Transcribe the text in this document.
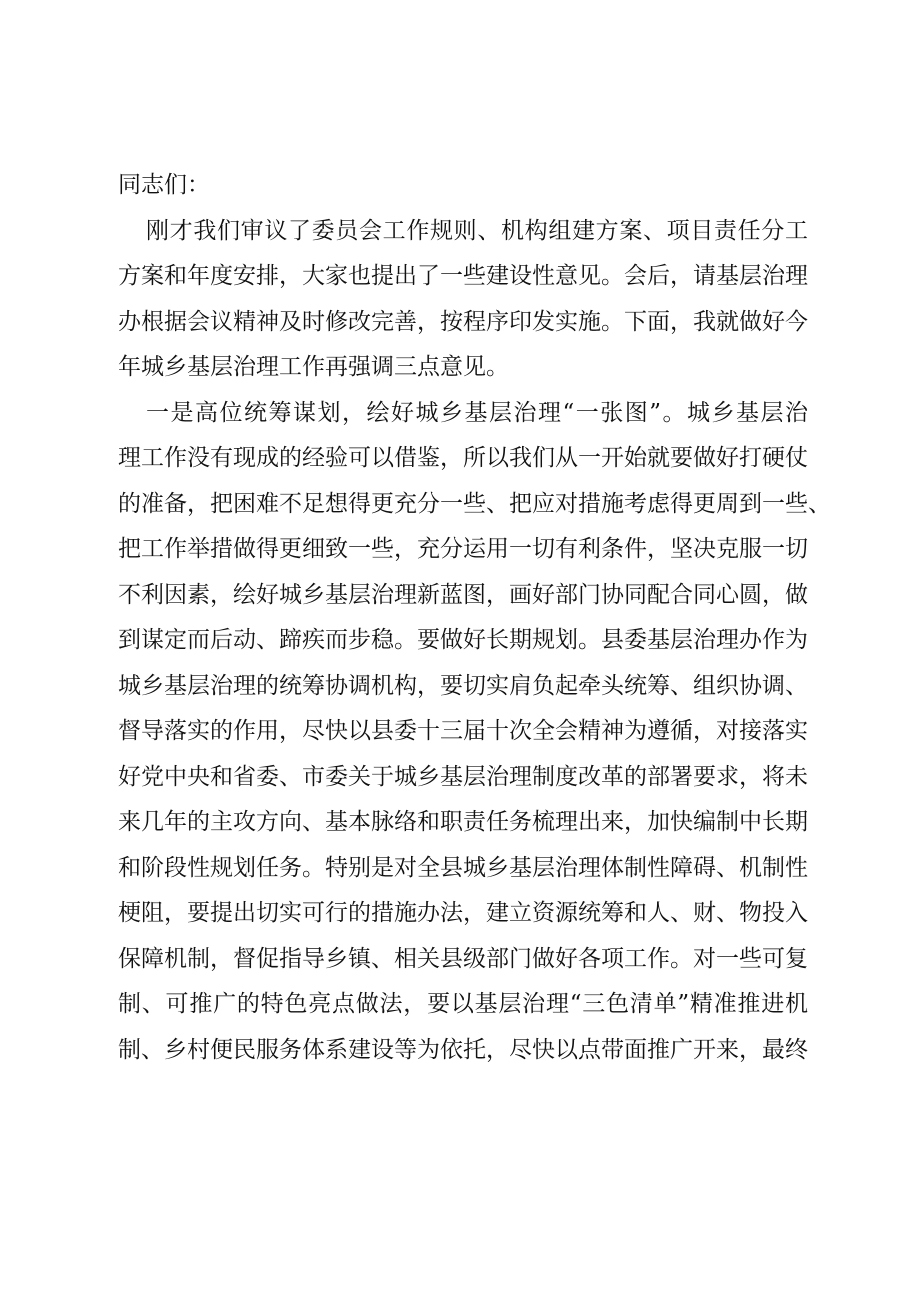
同志们：
刚才我们审议了委员会工作规则、机构组建方案、项目责任分工
方案和年度安排，大家也提出了一些建设性意见。会后，请基层治理
办根据会议精神及时修改完善，按程序印发实施。下面，我就做好今
年城乡基层治理工作再强调三点意见。
一是高位统筹谋划，绘好城乡基层治理“一张图”。城乡基层治
理工作没有现成的经验可以借鉴，所以我们从一开始就要做好打硬仗
的准备，把困难不足想得更充分一些、把应对措施考虑得更周到一些、
把工作举措做得更细致一些，充分运用一切有利条件，坚决克服一切
不利因素，绘好城乡基层治理新蓝图，画好部门协同配合同心圆，做
到谋定而后动、蹄疾而步稳。要做好长期规划。县委基层治理办作为
城乡基层治理的统筹协调机构，要切实肩负起牵头统筹、组织协调、
督导落实的作用，尽快以县委十三届十次全会精神为遵循，对接落实
好党中央和省委、市委关于城乡基层治理制度改革的部署要求，将未
来几年的主攻方向、基本脉络和职责任务梳理出来，加快编制中长期
和阶段性规划任务。特别是对全县城乡基层治理体制性障碍、机制性
梗阻，要提出切实可行的措施办法，建立资源统筹和人、财、物投入
保障机制，督促指导乡镇、相关县级部门做好各项工作。对一些可复
制、可推广的特色亮点做法，要以基层治理“三色清单”精准推进机
制、乡村便民服务体系建设等为依托，尽快以点带面推广开来，最终
